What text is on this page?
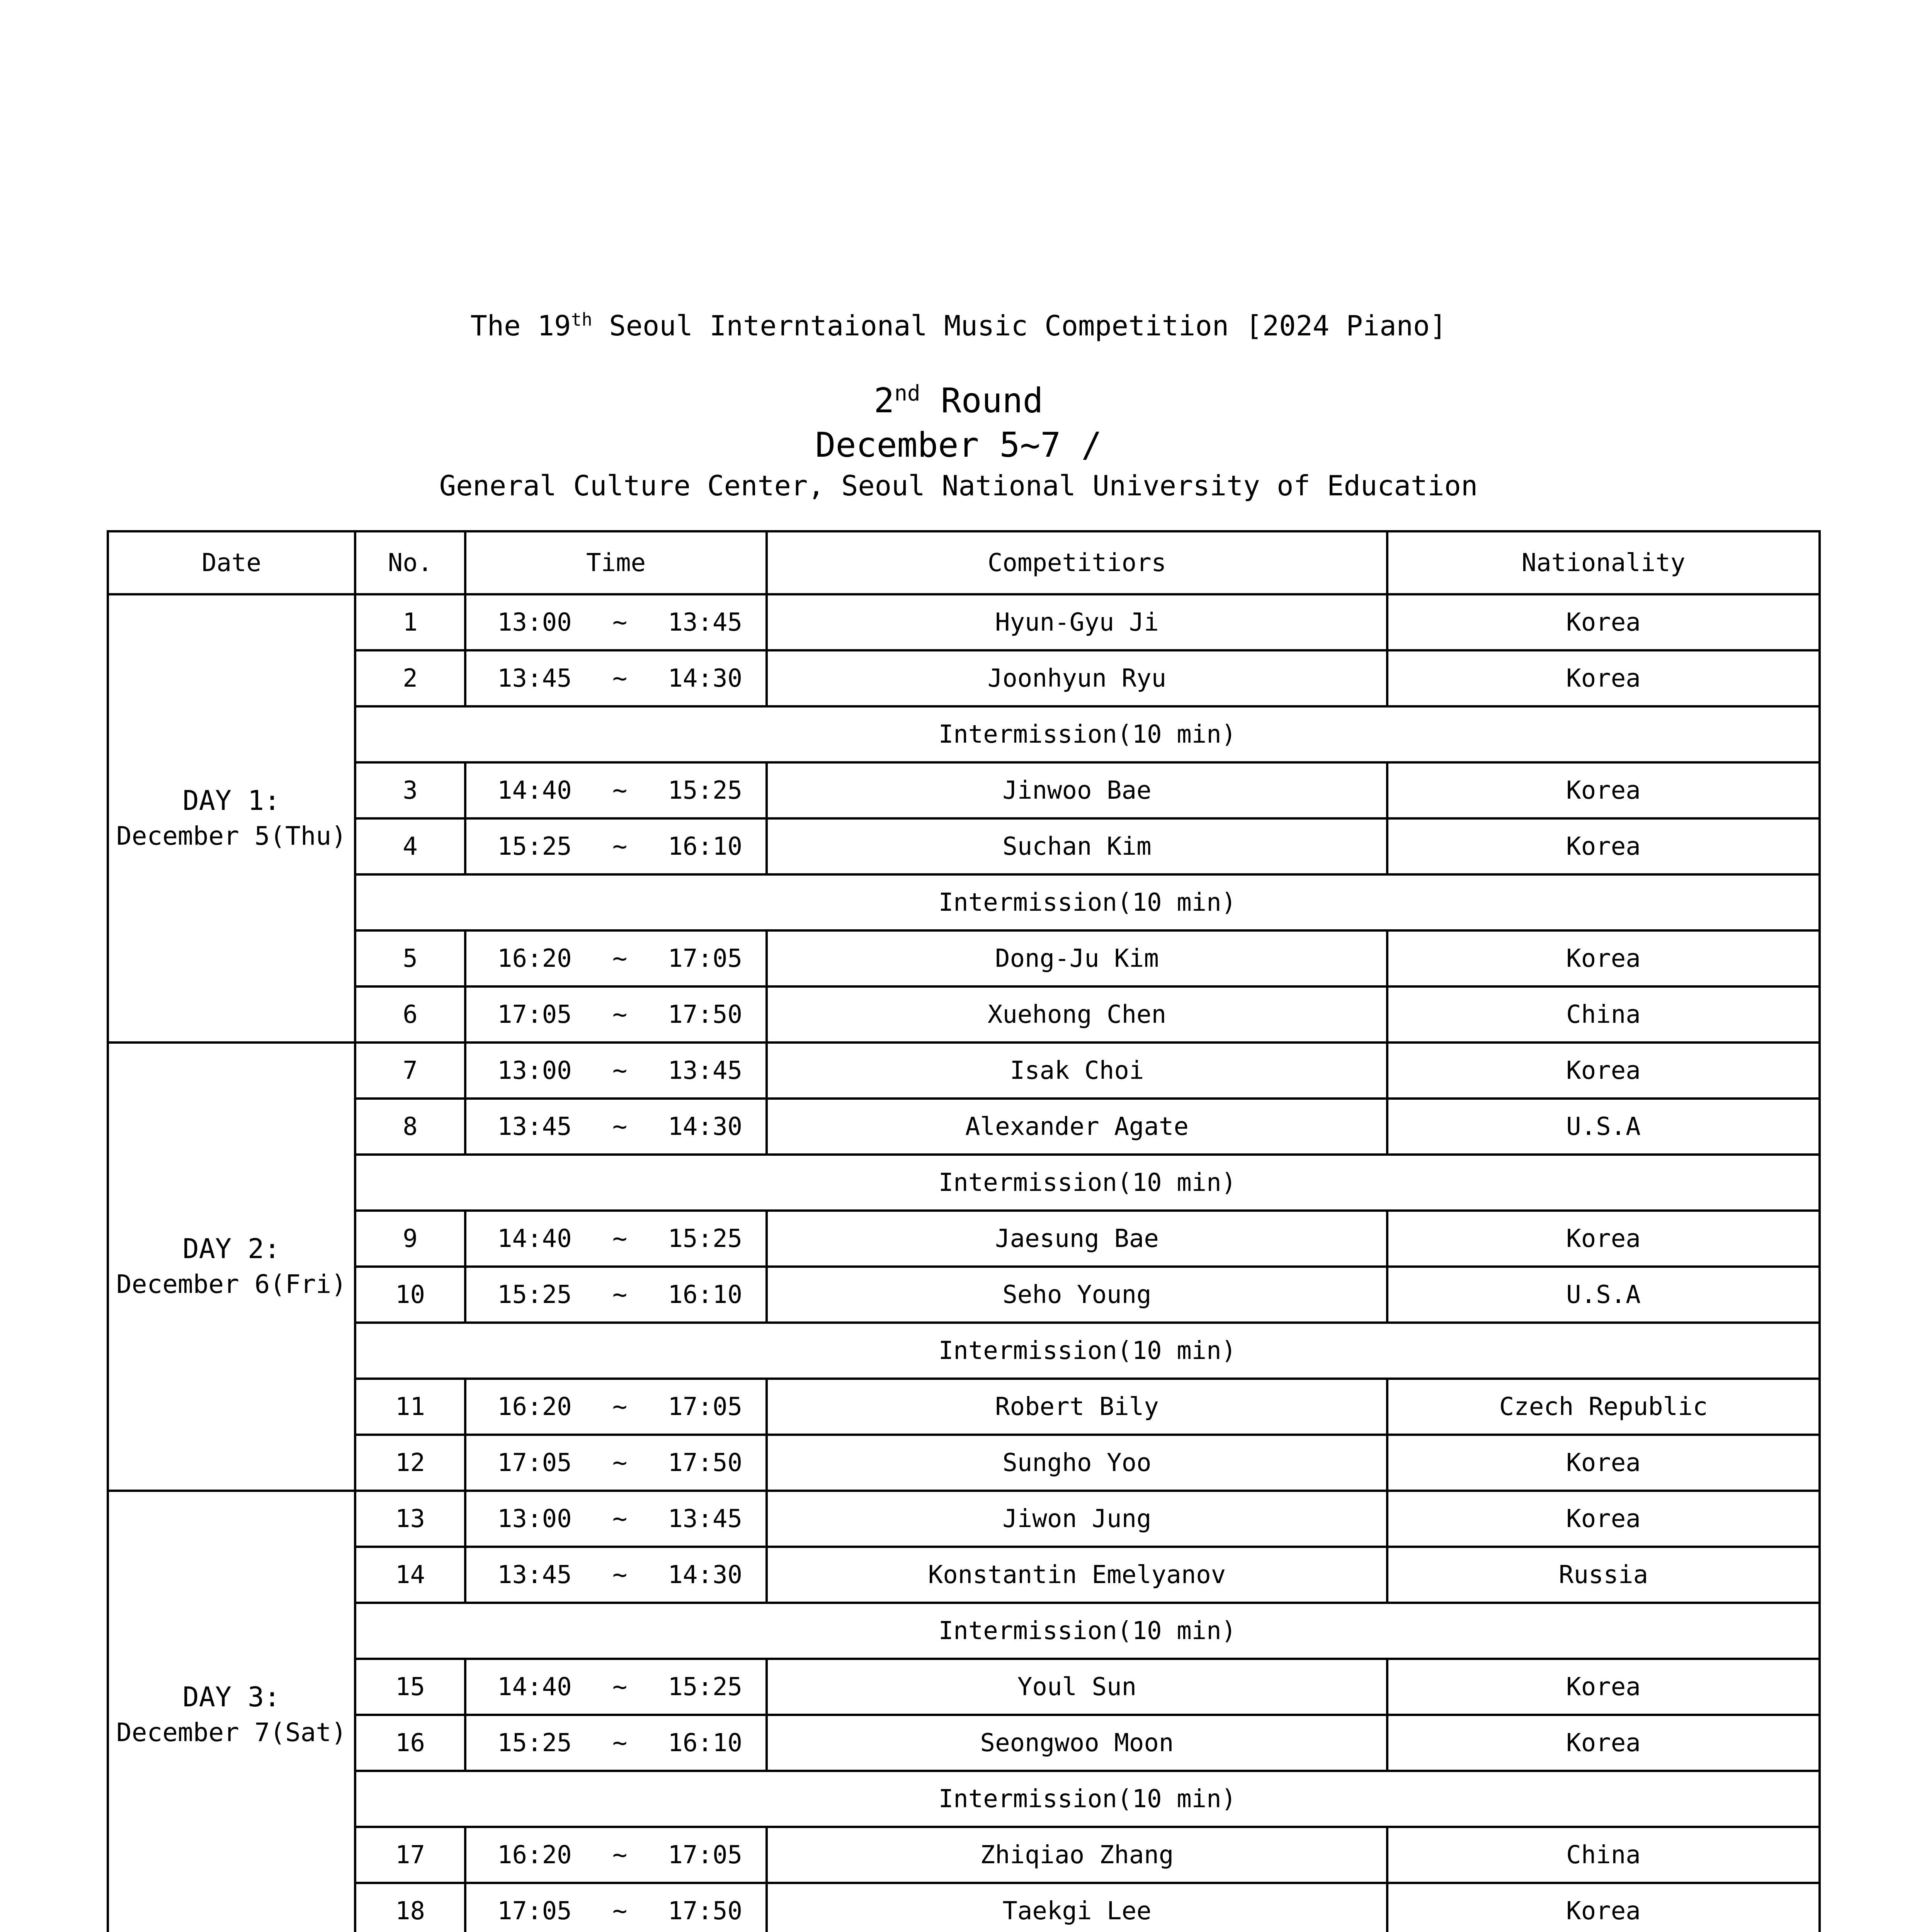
The 19th Seoul Interntaional Music Competition [2024 Piano]
2nd Round
December 5~7 /
General Culture Center, Seoul National University of Education
Date	No.	Time	Competitiors	Nationality

DAY 1:
December 5(Thu)	1	13:00 ~ 13:45	Hyun-Gyu Ji	Korea
	2	13:45 ~ 14:30	Joonhyun Ryu	Korea
	Intermission(10 min)			
	3	14:40 ~ 15:25	Jinwoo Bae	Korea
	4	15:25 ~ 16:10	Suchan Kim	Korea
	Intermission(10 min)			
	5	16:20 ~ 17:05	Dong-Ju Kim	Korea
	6	17:05 ~ 17:50	Xuehong Chen	China

DAY 2:
December 6(Fri)	7	13:00 ~ 13:45	Isak Choi	Korea
	8	13:45 ~ 14:30	Alexander Agate	U.S.A
	Intermission(10 min)			
	9	14:40 ~ 15:25	Jaesung Bae	Korea
	10	15:25 ~ 16:10	Seho Young	U.S.A
	Intermission(10 min)			
	11	16:20 ~ 17:05	Robert Bily	Czech Republic
	12	17:05 ~ 17:50	Sungho Yoo	Korea

DAY 3:
December 7(Sat)	13	13:00 ~ 13:45	Jiwon Jung	Korea
	14	13:45 ~ 14:30	Konstantin Emelyanov	Russia
	Intermission(10 min)			
	15	14:40 ~ 15:25	Youl Sun	Korea
	16	15:25 ~ 16:10	Seongwoo Moon	Korea
	Intermission(10 min)			
	17	16:20 ~ 17:05	Zhiqiao Zhang	China
	18	17:05 ~ 17:50	Taekgi Lee	Korea
